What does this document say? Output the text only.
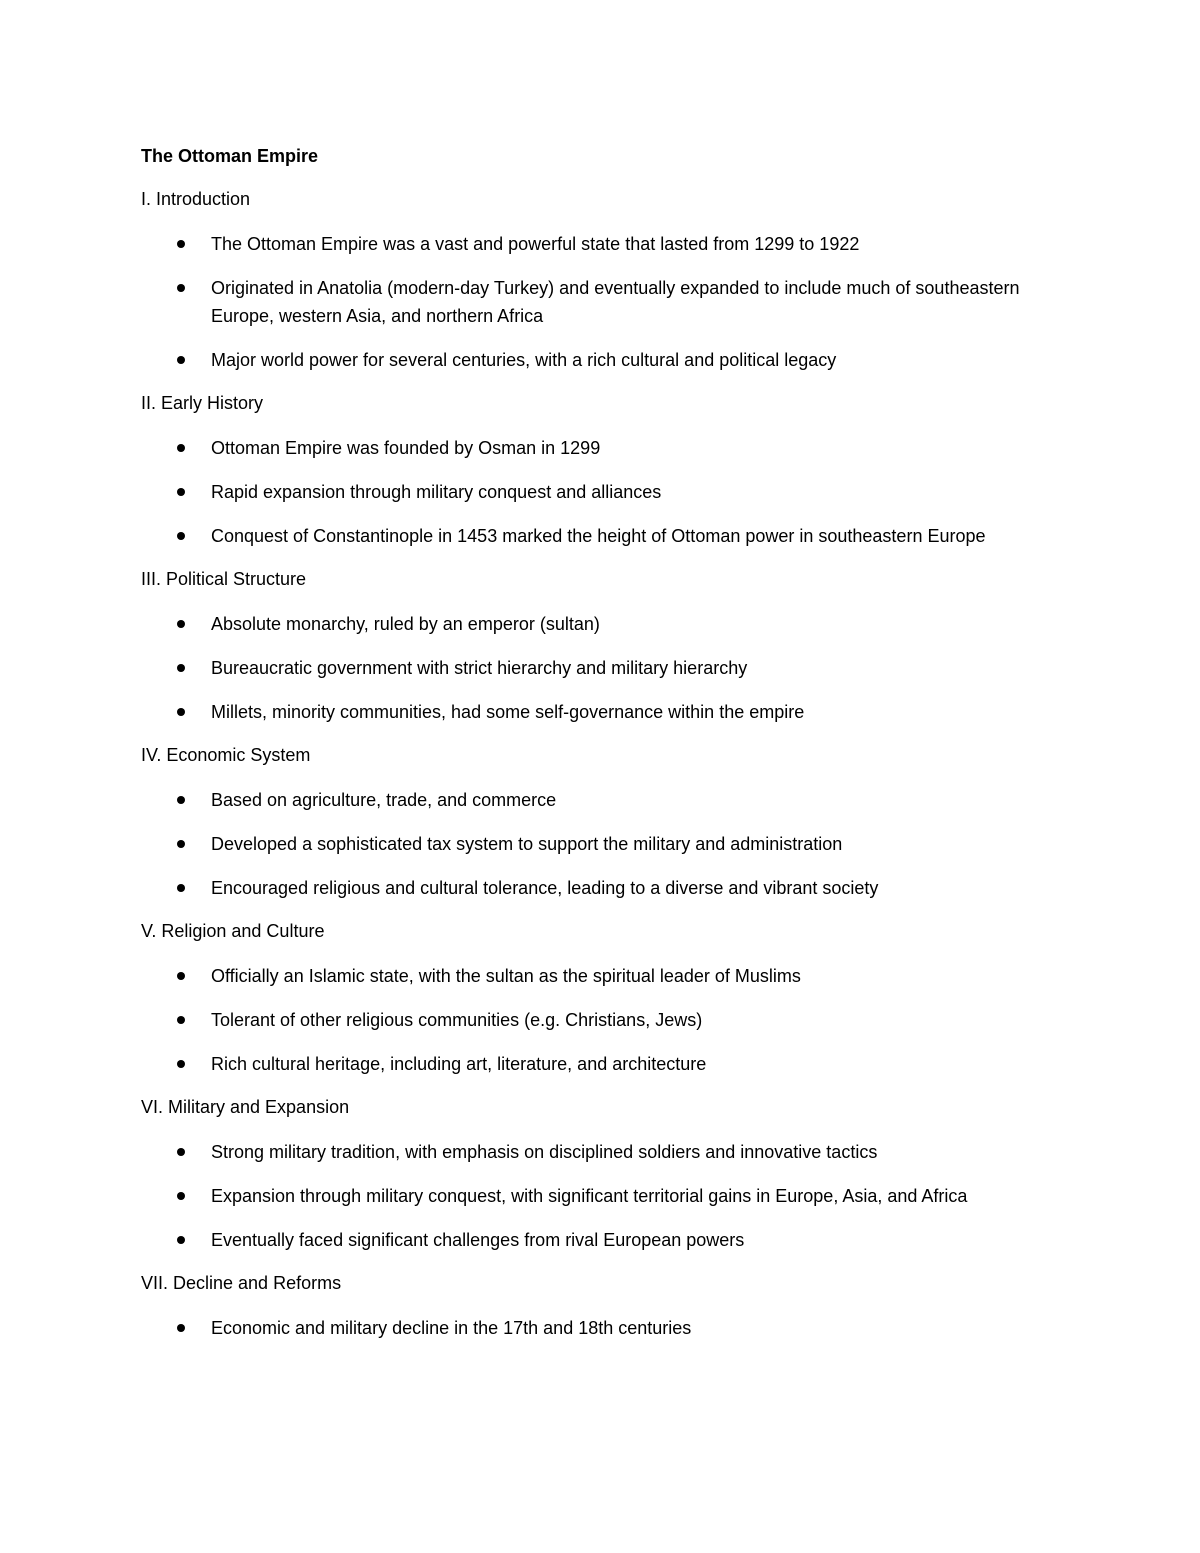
The Ottoman Empire

I. Introduction

The Ottoman Empire was a vast and powerful state that lasted from 1299 to 1922
Originated in Anatolia (modern-day Turkey) and eventually expanded to include much of southeastern Europe, western Asia, and northern Africa
Major world power for several centuries, with a rich cultural and political legacy

II. Early History

Ottoman Empire was founded by Osman in 1299
Rapid expansion through military conquest and alliances
Conquest of Constantinople in 1453 marked the height of Ottoman power in southeastern Europe

III. Political Structure

Absolute monarchy, ruled by an emperor (sultan)
Bureaucratic government with strict hierarchy and military hierarchy
Millets, minority communities, had some self-governance within the empire

IV. Economic System

Based on agriculture, trade, and commerce
Developed a sophisticated tax system to support the military and administration
Encouraged religious and cultural tolerance, leading to a diverse and vibrant society

V. Religion and Culture

Officially an Islamic state, with the sultan as the spiritual leader of Muslims
Tolerant of other religious communities (e.g. Christians, Jews)
Rich cultural heritage, including art, literature, and architecture

VI. Military and Expansion

Strong military tradition, with emphasis on disciplined soldiers and innovative tactics
Expansion through military conquest, with significant territorial gains in Europe, Asia, and Africa
Eventually faced significant challenges from rival European powers

VII. Decline and Reforms

Economic and military decline in the 17th and 18th centuries
